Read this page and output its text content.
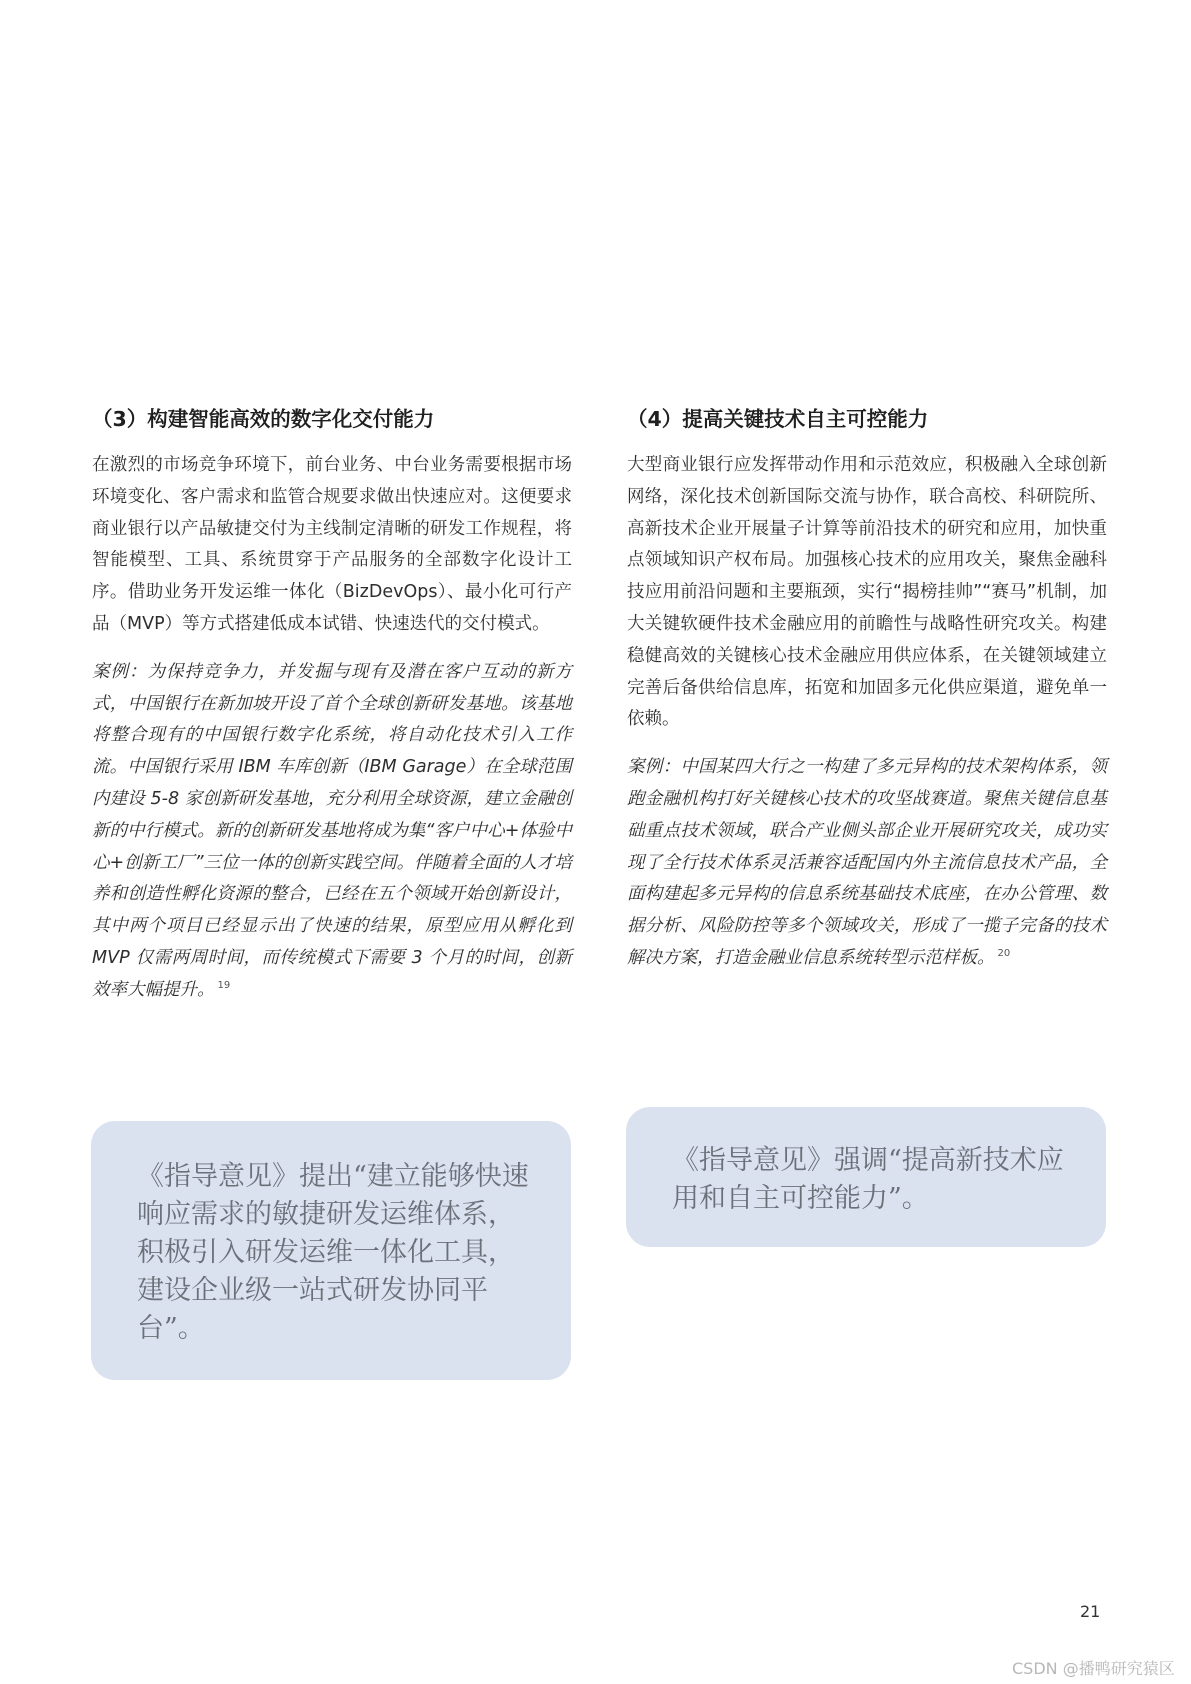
（3）构建智能高效的数字化交付能力

在激烈的市场竞争环境下，前台业务、中台业务需要根据市场环境变化、客户需求和监管合规要求做出快速应对。这便要求商业银行以产品敏捷交付为主线制定清晰的研发工作规程，将智能模型、工具、系统贯穿于产品服务的全部数字化设计工序。借助业务开发运维一体化（BizDevOps）、最小化可行产品（MVP）等方式搭建低成本试错、快速迭代的交付模式。

案例：为保持竞争力，并发掘与现有及潜在客户互动的新方式，中国银行在新加坡开设了首个全球创新研发基地。该基地将整合现有的中国银行数字化系统，将自动化技术引入工作流。中国银行采用 IBM 车库创新（IBM Garage）在全球范围内建设 5-8 家创新研发基地，充分利用全球资源，建立金融创新的中行模式。新的创新研发基地将成为集“客户中心+体验中心+创新工厂”三位一体的创新实践空间。伴随着全面的人才培养和创造性孵化资源的整合，已经在五个领域开始创新设计，其中两个项目已经显示出了快速的结果，原型应用从孵化到 MVP 仅需两周时间，而传统模式下需要 3 个月的时间，创新效率大幅提升。 $^{19}$

《指导意见》提出“建立能够快速响应需求的敏捷研发运维体系，积极引入研发运维一体化工具，建设企业级一站式研发协同平台”。
（4）提高关键技术自主可控能力

大型商业银行应发挥带动作用和示范效应，积极融入全球创新网络，深化技术创新国际交流与协作，联合高校、科研院所、高新技术企业开展量子计算等前沿技术的研究和应用，加快重点领域知识产权布局。加强核心技术的应用攻关，聚焦金融科技应用前沿问题和主要瓶颈，实行“揭榜挂帅”“赛马”机制，加大关键软硬件技术金融应用的前瞻性与战略性研究攻关。构建稳健高效的关键核心技术金融应用供应体系，在关键领域建立完善后备供给信息库，拓宽和加固多元化供应渠道，避免单一依赖。

案例：中国某四大行之一构建了多元异构的技术架构体系，领跑金融机构打好关键核心技术的攻坚战赛道。聚焦关键信息基础重点技术领域，联合产业侧头部企业开展研究攻关，成功实现了全行技术体系灵活兼容适配国内外主流信息技术产品，全面构建起多元异构的信息系统基础技术底座，在办公管理、数据分析、风险防控等多个领域攻关，形成了一揽子完备的技术解决方案，打造金融业信息系统转型示范样板。 $^{20}$

《指导意见》强调“提高新技术应用和自主可控能力”。
21
CSDN @播鸭研究猿区
